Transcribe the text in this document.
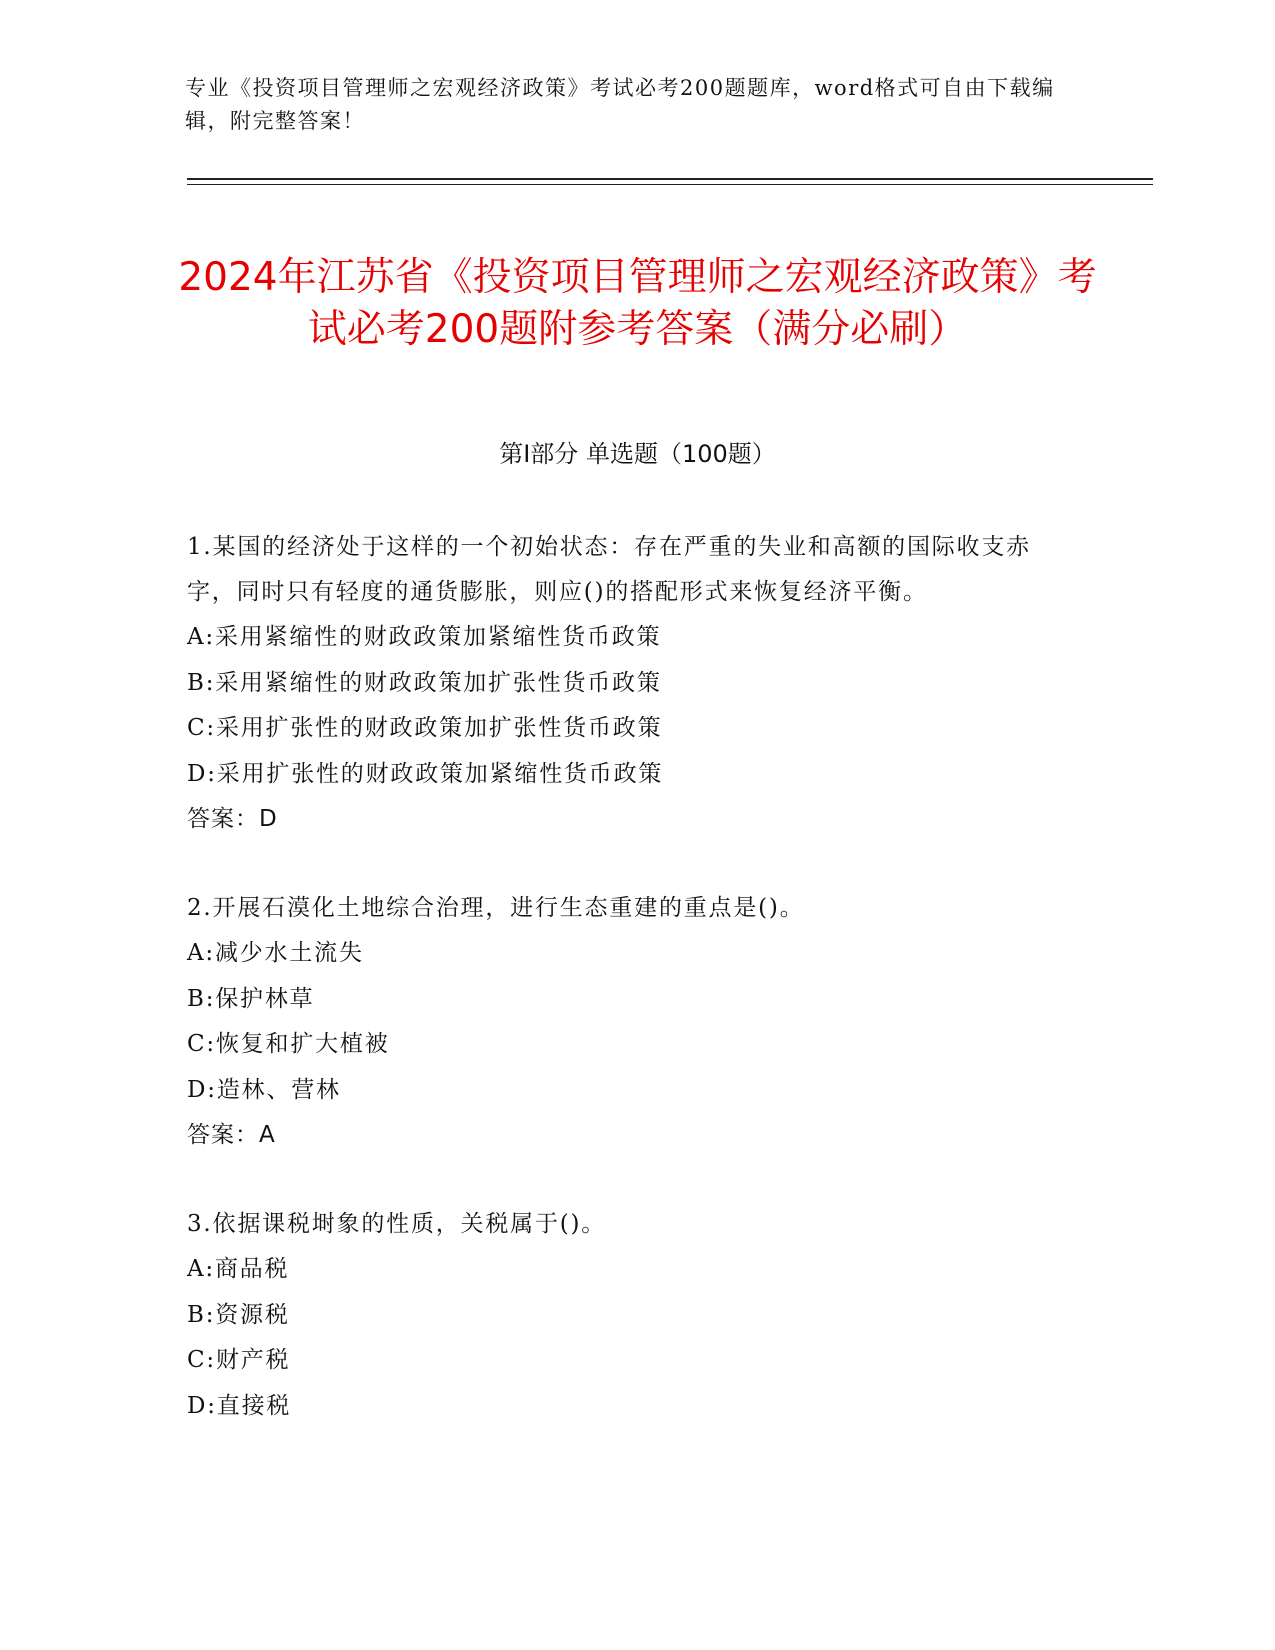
专业《投资项目管理师之宏观经济政策》考试必考200题题库，word格式可自由下载编辑，附完整答案！
2024年江苏省《投资项目管理师之宏观经济政策》考试必考200题附参考答案（满分必刷）
第I部分 单选题（100题）
1.某国的经济处于这样的一个初始状态：存在严重的失业和高额的国际收支赤字，同时只有轻度的通货膨胀，则应()的搭配形式来恢复经济平衡。
A:采用紧缩性的财政政策加紧缩性货币政策
B:采用紧缩性的财政政策加扩张性货币政策
C:采用扩张性的财政政策加扩张性货币政策
D:采用扩张性的财政政策加紧缩性货币政策
答案：D
2.开展石漠化土地综合治理，进行生态重建的重点是()。
A:减少水土流失
B:保护林草
C:恢复和扩大植被
D:造林、营林
答案：A
3.依据课税埘象的性质，关税属于()。
A:商品税
B:资源税
C:财产税
D:直接税
